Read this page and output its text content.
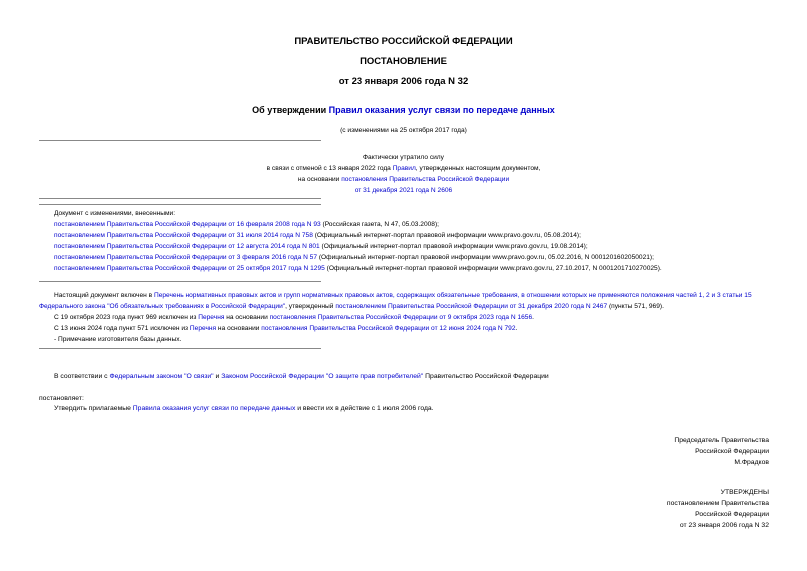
ПРАВИТЕЛЬСТВО РОССИЙСКОЙ ФЕДЕРАЦИИ
ПОСТАНОВЛЕНИЕ
от 23 января 2006 года N 32
Об утверждении Правил оказания услуг связи по передаче данных
(с изменениями на 25 октября 2017 года)
Фактически утратило силу
в связи с отменой с 13 января 2022 года Правил, утвержденных настоящим документом,
на основании постановления Правительства Российской Федерации
от 31 декабря 2021 года N 2606
Документ с изменениями, внесенными:
постановлением Правительства Российской Федерации от 16 февраля 2008 года N 93 (Российская газета, N 47, 05.03.2008);
постановлением Правительства Российской Федерации от 31 июля 2014 года N 758 (Официальный интернет-портал правовой информации www.pravo.gov.ru, 05.08.2014);
постановлением Правительства Российской Федерации от 12 августа 2014 года N 801 (Официальный интернет-портал правовой информации www.pravo.gov.ru, 19.08.2014);
постановлением Правительства Российской Федерации от 3 февраля 2016 года N 57 (Официальный интернет-портал правовой информации www.pravo.gov.ru, 05.02.2016, N 0001201602050021);
постановлением Правительства Российской Федерации от 25 октября 2017 года N 1295 (Официальный интернет-портал правовой информации www.pravo.gov.ru, 27.10.2017, N 0001201710270025).
Настоящий документ включен в Перечень нормативных правовых актов и групп нормативных правовых актов, содержащих обязательные требования, в отношении которых не применяются положения частей 1, 2 и 3 статьи 15 Федерального закона "Об обязательных требованиях в Российской Федерации", утвержденный постановлением Правительства Российской Федерации от 31 декабря 2020 года N 2467 (пункты 571, 969).
С 19 октября 2023 года пункт 969 исключен из Перечня на основании постановления Правительства Российской Федерации от 9 октября 2023 года N 1656.
С 13 июня 2024 года пункт 571 исключен из Перечня на основании постановления Правительства Российской Федерации от 12 июня 2024 года N 792.
- Примечание изготовителя базы данных.
В соответствии с Федеральным законом "О связи" и Законом Российской Федерации "О защите прав потребителей" Правительство Российской Федерации
постановляет:
Утвердить прилагаемые Правила оказания услуг связи по передаче данных и ввести их в действие с 1 июля 2006 года.
Председатель Правительства
Российской Федерации
М.Фрадков
УТВЕРЖДЕНЫ
постановлением Правительства
Российской Федерации
от 23 января 2006 года N 32
